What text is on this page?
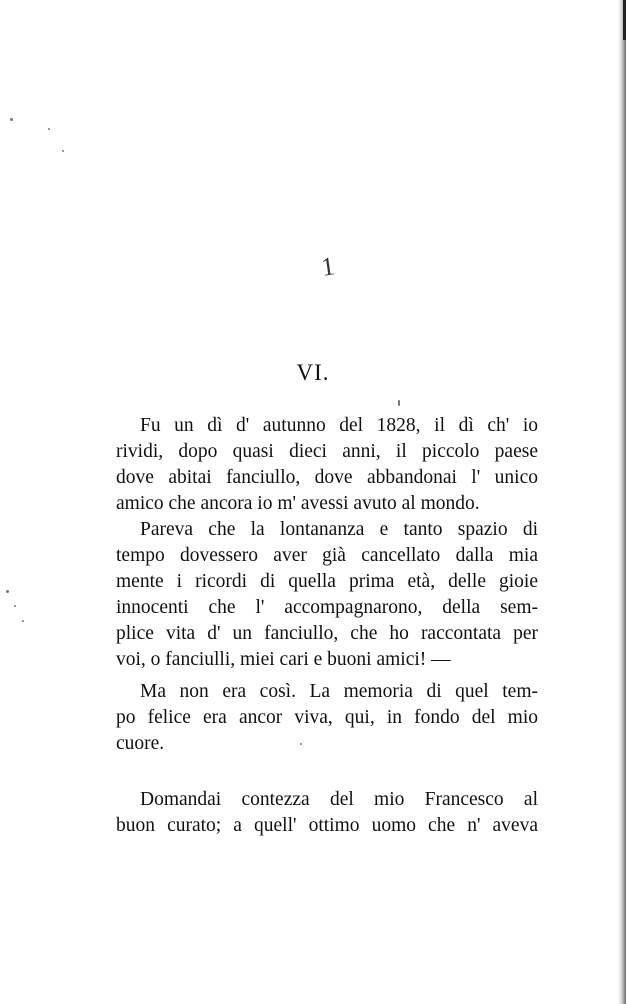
1
VI.
Fu un dì d' autunno del 1828, il dì ch' io
rividi, dopo quasi dieci anni, il piccolo paese
dove abitai fanciullo, dove abbandonai l' unico
amico che ancora io m' avessi avuto al mondo.
Pareva che la lontananza e tanto spazio di
tempo dovessero aver già cancellato dalla mia
mente i ricordi di quella prima età, delle gioie
innocenti che l' accompagnarono, della sem-
plice vita d' un fanciullo, che ho raccontata per
voi, o fanciulli, miei cari e buoni amici! —
Ma non era così. La memoria di quel tem-
po felice era ancor viva, qui, in fondo del mio
cuore.
Domandai contezza del mio Francesco al
buon curato; a quell' ottimo uomo che n' aveva
